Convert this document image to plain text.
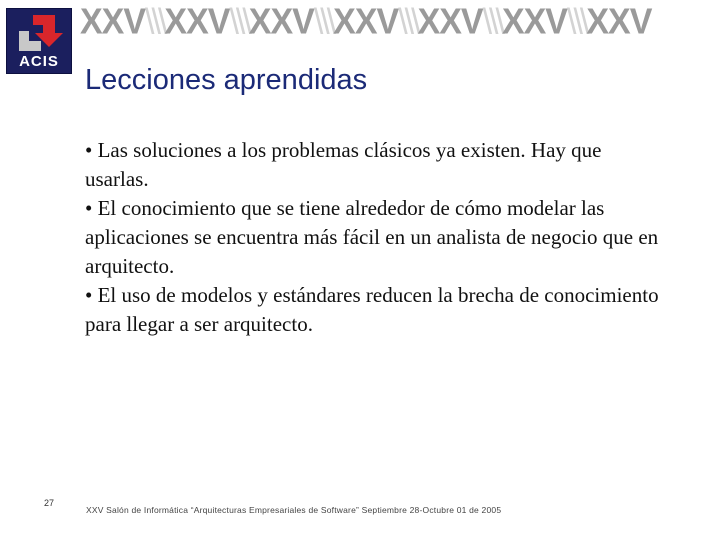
ACIS
XXV\\\XXV\\\XXV\\\XXV\\\XXV\\\XXV\\\XXV
Lecciones aprendidas

• Las soluciones a los problemas clásicos ya existen. Hay que usarlas.

• El conocimiento que se tiene alrededor de cómo modelar las aplicaciones se encuentra más fácil en un analista de negocio que en arquitecto.

• El uso de modelos y estándares reducen la brecha de conocimiento para llegar a ser arquitecto.

27
XXV Salón de Informática “Arquitecturas Empresariales de Software” Septiembre 28-Octubre 01 de 2005
